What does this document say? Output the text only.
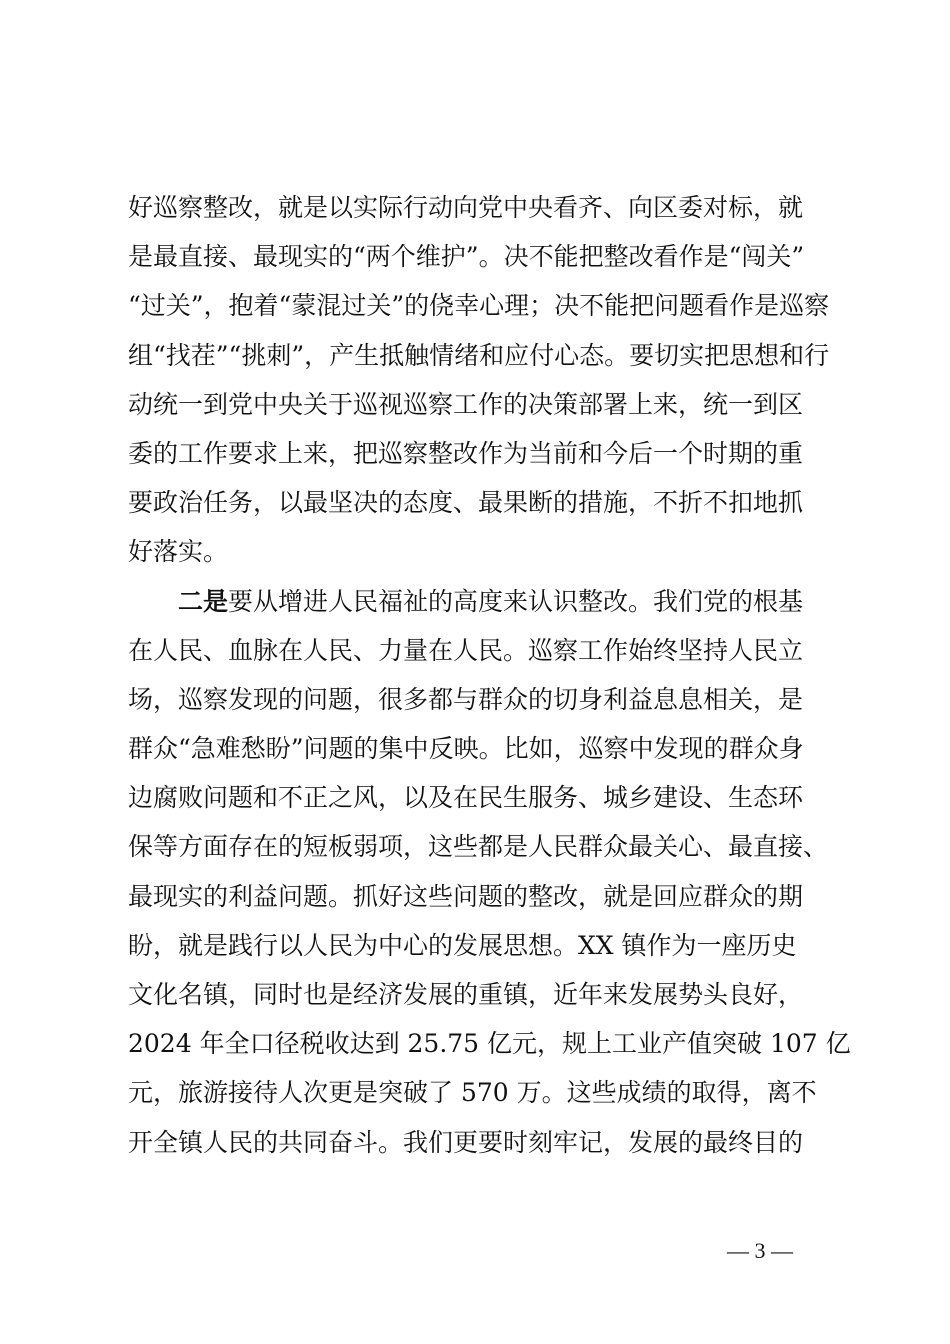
好巡察整改，就是以实际行动向党中央看齐、向区委对标，就
是最直接、最现实的“两个维护”。决不能把整改看作是“闯关”
“过关”，抱着“蒙混过关”的侥幸心理；决不能把问题看作是巡察
组“找茬”“挑刺”，产生抵触情绪和应付心态。要切实把思想和行
动统一到党中央关于巡视巡察工作的决策部署上来，统一到区
委的工作要求上来，把巡察整改作为当前和今后一个时期的重
要政治任务，以最坚决的态度、最果断的措施，不折不扣地抓
好落实。
二是要从增进人民福祉的高度来认识整改。我们党的根基
在人民、血脉在人民、力量在人民。巡察工作始终坚持人民立
场，巡察发现的问题，很多都与群众的切身利益息息相关，是
群众“急难愁盼”问题的集中反映。比如，巡察中发现的群众身
边腐败问题和不正之风，以及在民生服务、城乡建设、生态环
保等方面存在的短板弱项，这些都是人民群众最关心、最直接、
最现实的利益问题。抓好这些问题的整改，就是回应群众的期
盼，就是践行以人民为中心的发展思想。XX 镇作为一座历史
文化名镇，同时也是经济发展的重镇，近年来发展势头良好，
2024 年全口径税收达到 25.75 亿元，规上工业产值突破 107 亿
元，旅游接待人次更是突破了 570 万。这些成绩的取得，离不
开全镇人民的共同奋斗。我们更要时刻牢记，发展的最终目的
— 3 —
